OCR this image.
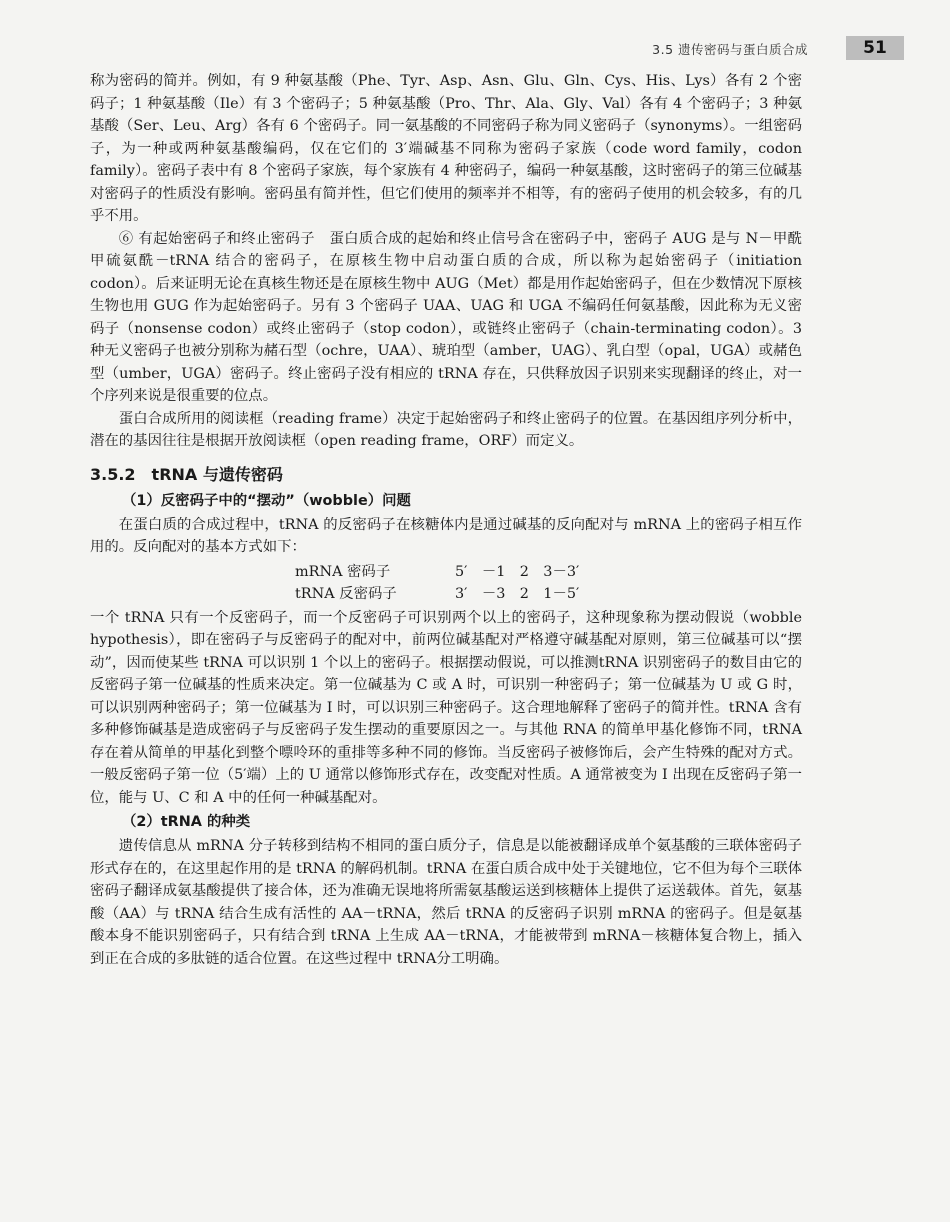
3.5 遗传密码与蛋白质合成	51

称为密码的简并。例如，有 9 种氨基酸（Phe、Tyr、Asp、Asn、Glu、Gln、Cys、His、Lys）各有 2 个密码子；1 种氨基酸（Ile）有 3 个密码子；5 种氨基酸（Pro、Thr、Ala、Gly、Val）各有 4 个密码子；3 种氨基酸（Ser、Leu、Arg）各有 6 个密码子。同一氨基酸的不同密码子称为同义密码子（synonyms）。一组密码子，为一种或两种氨基酸编码，仅在它们的 3′端碱基不同称为密码子家族（code word family，codon family）。密码子表中有 8 个密码子家族，每个家族有 4 种密码子，编码一种氨基酸，这时密码子的第三位碱基对密码子的性质没有影响。密码虽有简并性，但它们使用的频率并不相等，有的密码子使用的机会较多，有的几乎不用。

⑥ 有起始密码子和终止密码子　蛋白质合成的起始和终止信号含在密码子中，密码子 AUG 是与 N－甲酰甲硫氨酰－tRNA 结合的密码子，在原核生物中启动蛋白质的合成，所以称为起始密码子（initiation codon）。后来证明无论在真核生物还是在原核生物中 AUG（Met）都是用作起始密码子，但在少数情况下原核生物也用 GUG 作为起始密码子。另有 3 个密码子 UAA、UAG 和 UGA 不编码任何氨基酸，因此称为无义密码子（nonsense codon）或终止密码子（stop codon），或链终止密码子（chain-terminating codon）。3 种无义密码子也被分别称为赭石型（ochre，UAA）、琥珀型（amber，UAG）、乳白型（opal，UGA）或赭色型（umber，UGA）密码子。终止密码子没有相应的 tRNA 存在，只供释放因子识别来实现翻译的终止，对一个序列来说是很重要的位点。

蛋白合成所用的阅读框（reading frame）决定于起始密码子和终止密码子的位置。在基因组序列分析中，潜在的基因往往是根据开放阅读框（open reading frame，ORF）而定义。

3.5.2　tRNA 与遗传密码
（1）反密码子中的“摆动”（wobble）问题

在蛋白质的合成过程中，tRNA 的反密码子在核糖体内是通过碱基的反向配对与 mRNA 上的密码子相互作用的。反向配对的基本方式如下：

mRNA 密码子	5′　－1　2　3－3′
tRNA 反密码子	3′　－3　2　1－5′

一个 tRNA 只有一个反密码子，而一个反密码子可识别两个以上的密码子，这种现象称为摆动假说（wobble hypothesis），即在密码子与反密码子的配对中，前两位碱基配对严格遵守碱基配对原则，第三位碱基可以“摆动”，因而使某些 tRNA 可以识别 1 个以上的密码子。根据摆动假说，可以推测tRNA 识别密码子的数目由它的反密码子第一位碱基的性质来决定。第一位碱基为 C 或 A 时，可识别一种密码子；第一位碱基为 U 或 G 时，可以识别两种密码子；第一位碱基为 I 时，可以识别三种密码子。这合理地解释了密码子的简并性。tRNA 含有多种修饰碱基是造成密码子与反密码子发生摆动的重要原因之一。与其他 RNA 的简单甲基化修饰不同，tRNA 存在着从简单的甲基化到整个嘌呤环的重排等多种不同的修饰。当反密码子被修饰后，会产生特殊的配对方式。一般反密码子第一位（5′端）上的 U 通常以修饰形式存在，改变配对性质。A 通常被变为 I 出现在反密码子第一位，能与 U、C 和 A 中的任何一种碱基配对。

（2）tRNA 的种类

遗传信息从 mRNA 分子转移到结构不相同的蛋白质分子，信息是以能被翻译成单个氨基酸的三联体密码子形式存在的，在这里起作用的是 tRNA 的解码机制。tRNA 在蛋白质合成中处于关键地位，它不但为每个三联体密码子翻译成氨基酸提供了接合体，还为准确无误地将所需氨基酸运送到核糖体上提供了运送载体。首先，氨基酸（AA）与 tRNA 结合生成有活性的 AA－tRNA，然后 tRNA 的反密码子识别 mRNA 的密码子。但是氨基酸本身不能识别密码子，只有结合到 tRNA 上生成 AA－tRNA，才能被带到 mRNA－核糖体复合物上，插入到正在合成的多肽链的适合位置。在这些过程中 tRNA分工明确。
